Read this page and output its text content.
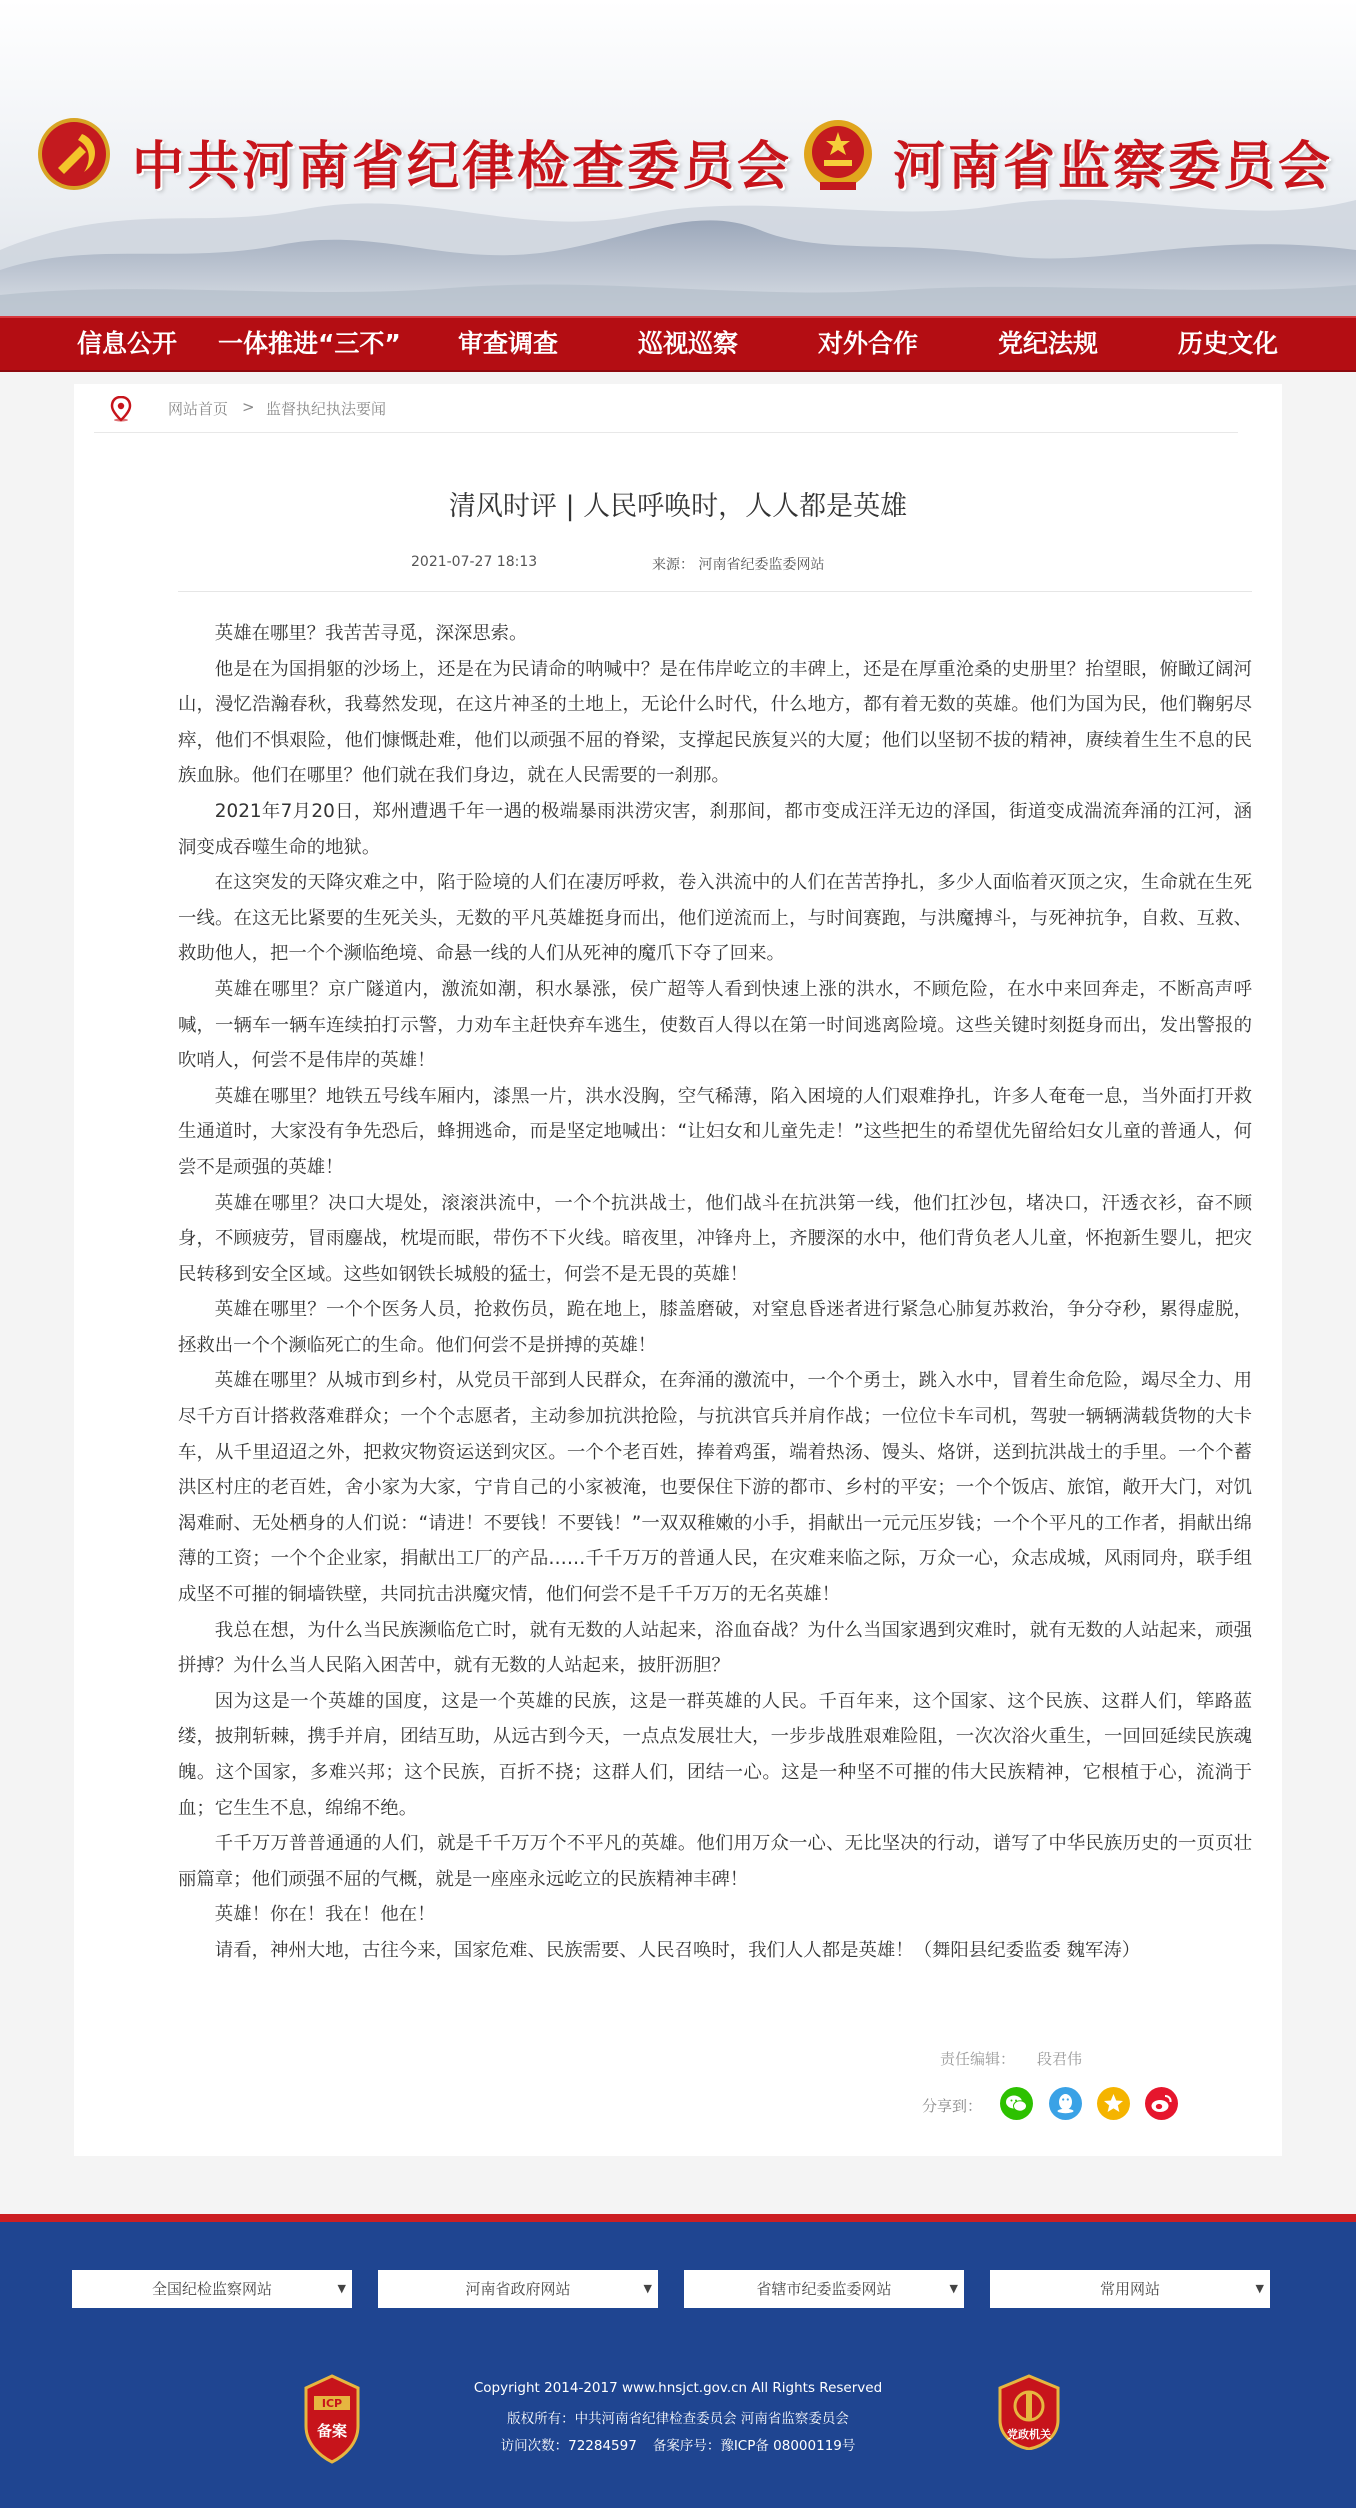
中共河南省纪律检查委员会 河南省监察委员会
信息公开 一体推进“三不” 审查调查	巡视巡察	对外合作	党纪法规	历史文化
网站首页 > 监督执纪执法要闻
清风时评 | 人民呼唤时，人人都是英雄
2021-07-27 18:13	来源： 河南省纪委监委网站

英雄在哪里？我苦苦寻觅，深深思索。

他是在为国捐躯的沙场上，还是在为民请命的呐喊中？是在伟岸屹立的丰碑上，还是在厚重沧桑的史册里？抬望眼，俯瞰辽阔河山，漫忆浩瀚春秋，我蓦然发现，在这片神圣的土地上，无论什么时代，什么地方，都有着无数的英雄。他们为国为民，他们鞠躬尽瘁，他们不惧艰险，他们慷慨赴难，他们以顽强不屈的脊梁，支撑起民族复兴的大厦；他们以坚韧不拔的精神，赓续着生生不息的民族血脉。他们在哪里？他们就在我们身边，就在人民需要的一刹那。

2021年7月20日，郑州遭遇千年一遇的极端暴雨洪涝灾害，刹那间，都市变成汪洋无边的泽国，街道变成湍流奔涌的江河，涵洞变成吞噬生命的地狱。

在这突发的天降灾难之中，陷于险境的人们在凄厉呼救，卷入洪流中的人们在苦苦挣扎，多少人面临着灭顶之灾，生命就在生死一线。在这无比紧要的生死关头，无数的平凡英雄挺身而出，他们逆流而上，与时间赛跑，与洪魔搏斗，与死神抗争，自救、互救、救助他人，把一个个濒临绝境、命悬一线的人们从死神的魔爪下夺了回来。

英雄在哪里？京广隧道内，激流如潮，积水暴涨，侯广超等人看到快速上涨的洪水，不顾危险，在水中来回奔走，不断高声呼喊，一辆车一辆车连续拍打示警，力劝车主赶快弃车逃生，使数百人得以在第一时间逃离险境。这些关键时刻挺身而出，发出警报的吹哨人，何尝不是伟岸的英雄！

英雄在哪里？地铁五号线车厢内，漆黑一片，洪水没胸，空气稀薄，陷入困境的人们艰难挣扎，许多人奄奄一息，当外面打开救生通道时，大家没有争先恐后，蜂拥逃命，而是坚定地喊出：“让妇女和儿童先走！”这些把生的希望优先留给妇女儿童的普通人，何尝不是顽强的英雄！

英雄在哪里？决口大堤处，滚滚洪流中，一个个抗洪战士，他们战斗在抗洪第一线，他们扛沙包，堵决口，汗透衣衫，奋不顾身，不顾疲劳，冒雨鏖战，枕堤而眠，带伤不下火线。暗夜里，冲锋舟上，齐腰深的水中，他们背负老人儿童，怀抱新生婴儿，把灾民转移到安全区域。这些如钢铁长城般的猛士，何尝不是无畏的英雄！

英雄在哪里？一个个医务人员，抢救伤员，跪在地上，膝盖磨破，对窒息昏迷者进行紧急心肺复苏救治，争分夺秒，累得虚脱，拯救出一个个濒临死亡的生命。他们何尝不是拼搏的英雄！

英雄在哪里？从城市到乡村，从党员干部到人民群众，在奔涌的激流中，一个个勇士，跳入水中，冒着生命危险，竭尽全力、用尽千方百计搭救落难群众；一个个志愿者，主动参加抗洪抢险，与抗洪官兵并肩作战；一位位卡车司机，驾驶一辆辆满载货物的大卡车，从千里迢迢之外，把救灾物资运送到灾区。一个个老百姓，捧着鸡蛋，端着热汤、馒头、烙饼，送到抗洪战士的手里。一个个蓄洪区村庄的老百姓，舍小家为大家，宁肯自己的小家被淹，也要保住下游的都市、乡村的平安；一个个饭店、旅馆，敞开大门，对饥渴难耐、无处栖身的人们说：“请进！不要钱！不要钱！”一双双稚嫩的小手，捐献出一元元压岁钱；一个个平凡的工作者，捐献出绵薄的工资；一个个企业家，捐献出工厂的产品……千千万万的普通人民，在灾难来临之际，万众一心，众志成城，风雨同舟，联手组成坚不可摧的铜墙铁壁，共同抗击洪魔灾情，他们何尝不是千千万万的无名英雄！

我总在想，为什么当民族濒临危亡时，就有无数的人站起来，浴血奋战？为什么当国家遇到灾难时，就有无数的人站起来，顽强拼搏？为什么当人民陷入困苦中，就有无数的人站起来，披肝沥胆？

因为这是一个英雄的国度，这是一个英雄的民族，这是一群英雄的人民。千百年来，这个国家、这个民族、这群人们，筚路蓝缕，披荆斩棘，携手并肩，团结互助，从远古到今天，一点点发展壮大，一步步战胜艰难险阻，一次次浴火重生，一回回延续民族魂魄。这个国家，多难兴邦；这个民族，百折不挠；这群人们，团结一心。这是一种坚不可摧的伟大民族精神，它根植于心，流淌于血；它生生不息，绵绵不绝。

千千万万普普通通的人们，就是千千万万个不平凡的英雄。他们用万众一心、无比坚决的行动，谱写了中华民族历史的一页页壮丽篇章；他们顽强不屈的气概，就是一座座永远屹立的民族精神丰碑！

英雄！你在！我在！他在！

请看，神州大地，古往今来，国家危难、民族需要、人民召唤时，我们人人都是英雄！（舞阳县纪委监委 魏军涛）

责任编辑： 段君伟
分享到：
全国纪检监察网站	▼	河南省政府网站	▼	省辖市纪委监委网站	▼	常用网站	▼
ICP
备案	党政机关
Copyright 2014-2017 www.hnsjct.gov.cn All Rights Reserved
版权所有：中共河南省纪律检查委员会 河南省监察委员会
访问次数：72284597 备案序号：豫ICP备 08000119号
